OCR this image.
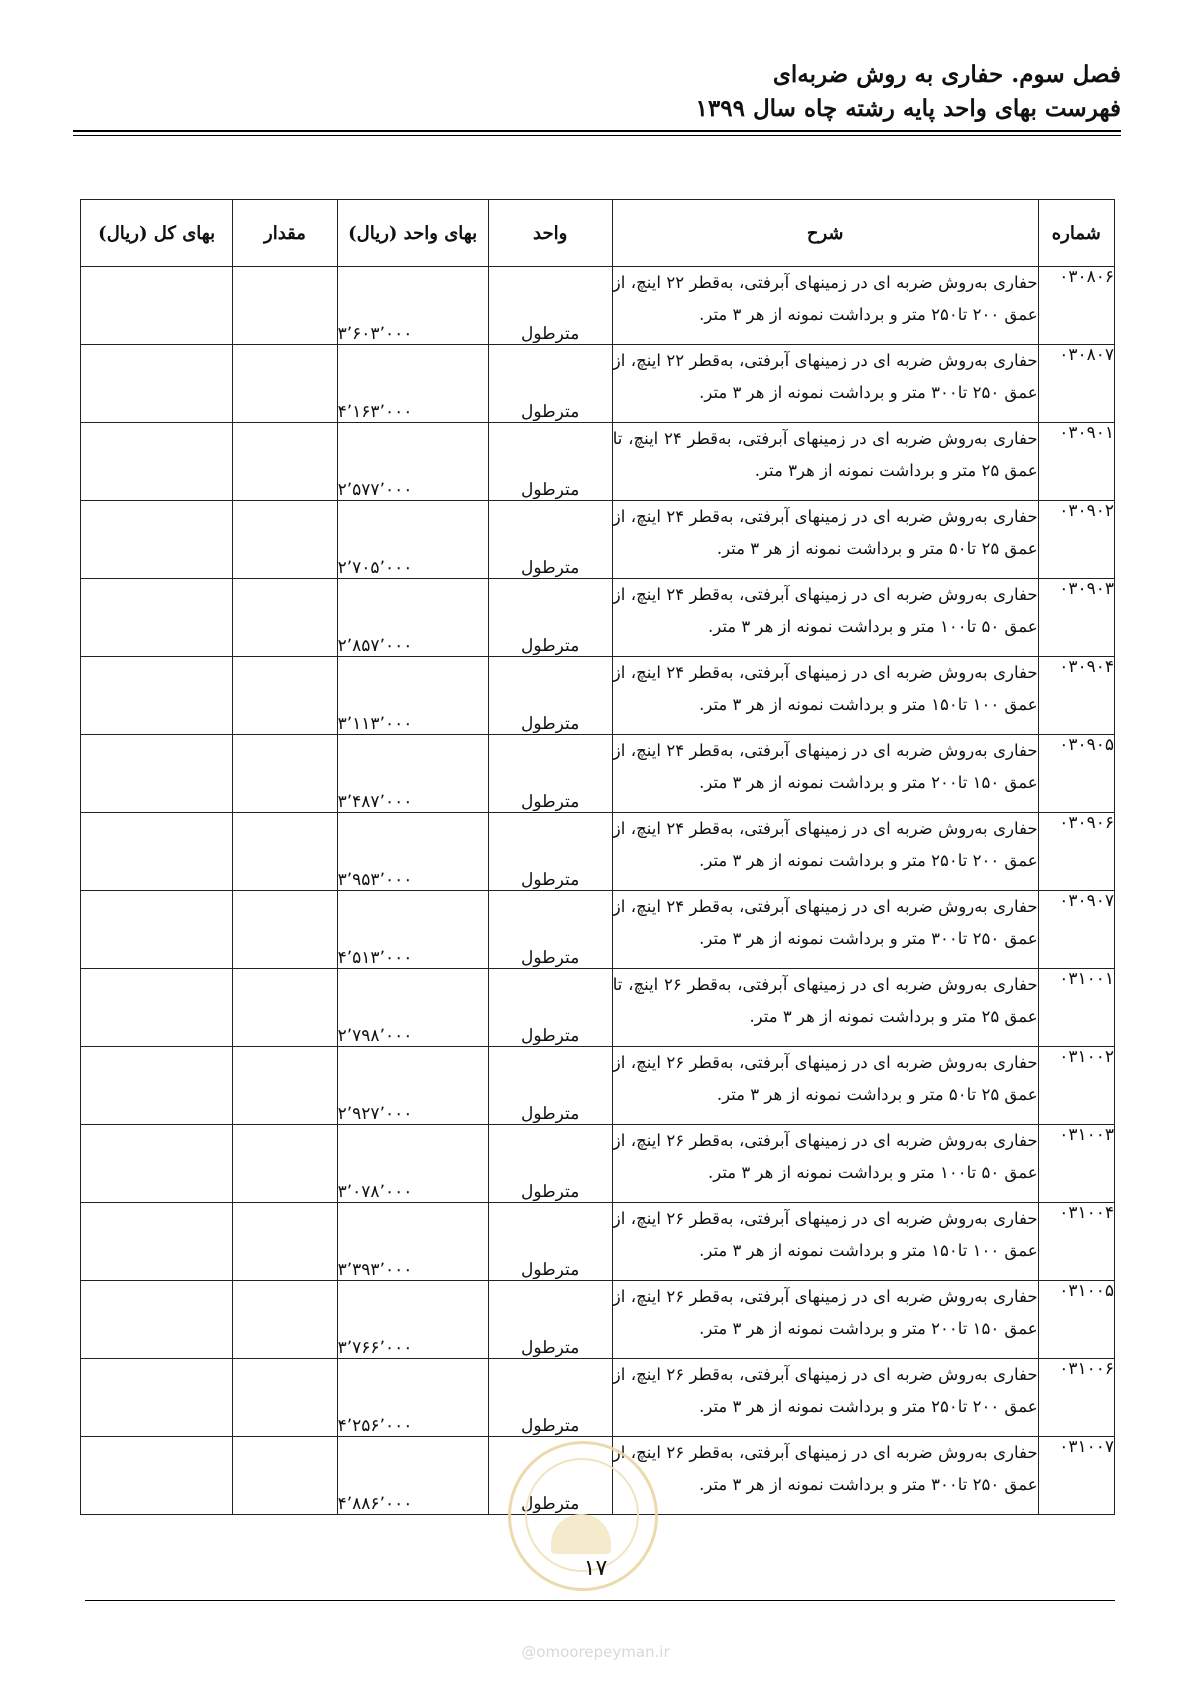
فصل سوم. حفاری به روش ضربه‌ای
فهرست بهای واحد پایه رشته چاه سال ۱۳۹۹
شماره	شرح	واحد	بهای واحد (ریال)	مقدار	بهای کل (ریال)
۰۳۰۸۰۶	حفاری به‌روش ضربه ای در زمینهای آبرفتی، به‌قطر ۲۲ اینچ، از عمق ۲۰۰ تا۲۵۰ متر و برداشت نمونه از هر ۳ متر.	مترطول	۳٬۶۰۳٬۰۰۰		
۰۳۰۸۰۷	حفاری به‌روش ضربه ای در زمینهای آبرفتی، به‌قطر ۲۲ اینچ، از عمق ۲۵۰ تا۳۰۰ متر و برداشت نمونه از هر ۳ متر.	مترطول	۴٬۱۶۳٬۰۰۰		
۰۳۰۹۰۱	حفاری به‌روش ضربه ای در زمینهای آبرفتی، به‌قطر ۲۴ اینچ، تا عمق ۲۵ متر و برداشت نمونه از هر۳ متر.	مترطول	۲٬۵۷۷٬۰۰۰		
۰۳۰۹۰۲	حفاری به‌روش ضربه ای در زمینهای آبرفتی، به‌قطر ۲۴ اینچ، از عمق ۲۵ تا۵۰ متر و برداشت نمونه از هر ۳ متر.	مترطول	۲٬۷۰۵٬۰۰۰		
۰۳۰۹۰۳	حفاری به‌روش ضربه ای در زمینهای آبرفتی، به‌قطر ۲۴ اینچ، از عمق ۵۰ تا۱۰۰ متر و برداشت نمونه از هر ۳ متر.	مترطول	۲٬۸۵۷٬۰۰۰		
۰۳۰۹۰۴	حفاری به‌روش ضربه ای در زمینهای آبرفتی، به‌قطر ۲۴ اینچ، از عمق ۱۰۰ تا۱۵۰ متر و برداشت نمونه از هر ۳ متر.	مترطول	۳٬۱۱۳٬۰۰۰		
۰۳۰۹۰۵	حفاری به‌روش ضربه ای در زمینهای آبرفتی، به‌قطر ۲۴ اینچ، از عمق ۱۵۰ تا۲۰۰ متر و برداشت نمونه از هر ۳ متر.	مترطول	۳٬۴۸۷٬۰۰۰		
۰۳۰۹۰۶	حفاری به‌روش ضربه ای در زمینهای آبرفتی، به‌قطر ۲۴ اینچ، از عمق ۲۰۰ تا۲۵۰ متر و برداشت نمونه از هر ۳ متر.	مترطول	۳٬۹۵۳٬۰۰۰		
۰۳۰۹۰۷	حفاری به‌روش ضربه ای در زمینهای آبرفتی، به‌قطر ۲۴ اینچ، از عمق ۲۵۰ تا۳۰۰ متر و برداشت نمونه از هر ۳ متر.	مترطول	۴٬۵۱۳٬۰۰۰		
۰۳۱۰۰۱	حفاری به‌روش ضربه ای در زمینهای آبرفتی، به‌قطر ۲۶ اینچ، تا عمق ۲۵ متر و برداشت نمونه از هر ۳ متر.	مترطول	۲٬۷۹۸٬۰۰۰		
۰۳۱۰۰۲	حفاری به‌روش ضربه ای در زمینهای آبرفتی، به‌قطر ۲۶ اینچ، از عمق ۲۵ تا۵۰ متر و برداشت نمونه از هر ۳ متر.	مترطول	۲٬۹۲۷٬۰۰۰		
۰۳۱۰۰۳	حفاری به‌روش ضربه ای در زمینهای آبرفتی، به‌قطر ۲۶ اینچ، از عمق ۵۰ تا۱۰۰ متر و برداشت نمونه از هر ۳ متر.	مترطول	۳٬۰۷۸٬۰۰۰		
۰۳۱۰۰۴	حفاری به‌روش ضربه ای در زمینهای آبرفتی، به‌قطر ۲۶ اینچ، از عمق ۱۰۰ تا۱۵۰ متر و برداشت نمونه از هر ۳ متر.	مترطول	۳٬۳۹۳٬۰۰۰		
۰۳۱۰۰۵	حفاری به‌روش ضربه ای در زمینهای آبرفتی، به‌قطر ۲۶ اینچ، از عمق ۱۵۰ تا۲۰۰ متر و برداشت نمونه از هر ۳ متر.	مترطول	۳٬۷۶۶٬۰۰۰		
۰۳۱۰۰۶	حفاری به‌روش ضربه ای در زمینهای آبرفتی، به‌قطر ۲۶ اینچ، از عمق ۲۰۰ تا۲۵۰ متر و برداشت نمونه از هر ۳ متر.	مترطول	۴٬۲۵۶٬۰۰۰		
۰۳۱۰۰۷	حفاری به‌روش ضربه ای در زمینهای آبرفتی، به‌قطر ۲۶ اینچ، از عمق ۲۵۰ تا۳۰۰ متر و برداشت نمونه از هر ۳ متر.	مترطول	۴٬۸۸۶٬۰۰۰		
۱۷
@omoorepeyman.ir
